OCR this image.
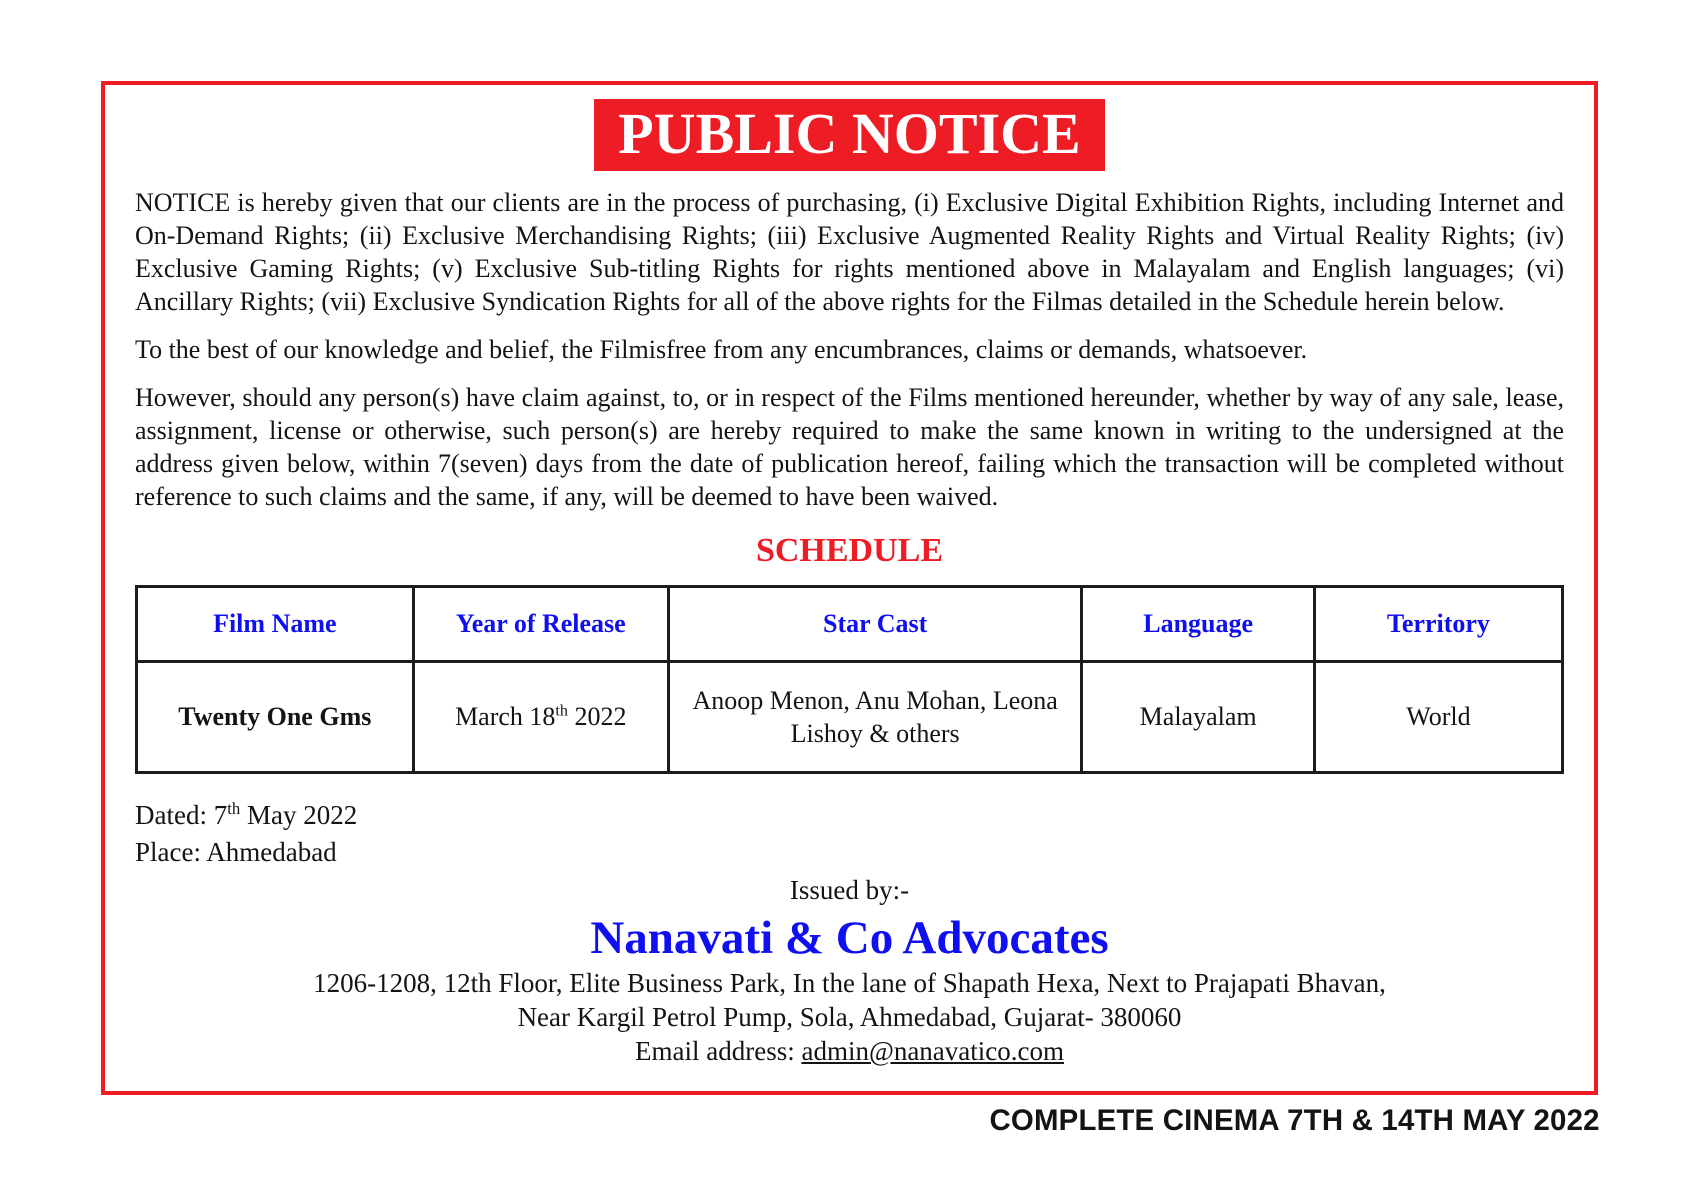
PUBLIC NOTICE

NOTICE is hereby given that our clients are in the process of purchasing, (i) Exclusive Digital Exhibition Rights, including Internet and On-Demand Rights; (ii) Exclusive Merchandising Rights; (iii) Exclusive Augmented Reality Rights and Virtual Reality Rights; (iv) Exclusive Gaming Rights; (v) Exclusive Sub-titling Rights for rights mentioned above in Malayalam and English languages; (vi) Ancillary Rights; (vii) Exclusive Syndication Rights for all of the above rights for the Filmas detailed in the Schedule herein below.

To the best of our knowledge and belief, the Filmisfree from any encumbrances, claims or demands, whatsoever.

However, should any person(s) have claim against, to, or in respect of the Films mentioned hereunder, whether by way of any sale, lease, assignment, license or otherwise, such person(s) are hereby required to make the same known in writing to the undersigned at the address given below, within 7(seven) days from the date of publication hereof, failing which the transaction will be completed without reference to such claims and the same, if any, will be deemed to have been waived.

SCHEDULE
Film Name	Year of Release	Star Cast	Language	Territory
Twenty One Gms	March 18th 2022	Anoop Menon, Anu Mohan, Leona Lishoy & others	Malayalam	World
Dated: 7th May 2022
Place: Ahmedabad
Issued by:-
Nanavati & Co Advocates
1206-1208, 12th Floor, Elite Business Park, In the lane of Shapath Hexa, Next to Prajapati Bhavan,
Near Kargil Petrol Pump, Sola, Ahmedabad, Gujarat- 380060
Email address: admin@nanavatico.com
COMPLETE CINEMA 7TH & 14TH MAY 2022
